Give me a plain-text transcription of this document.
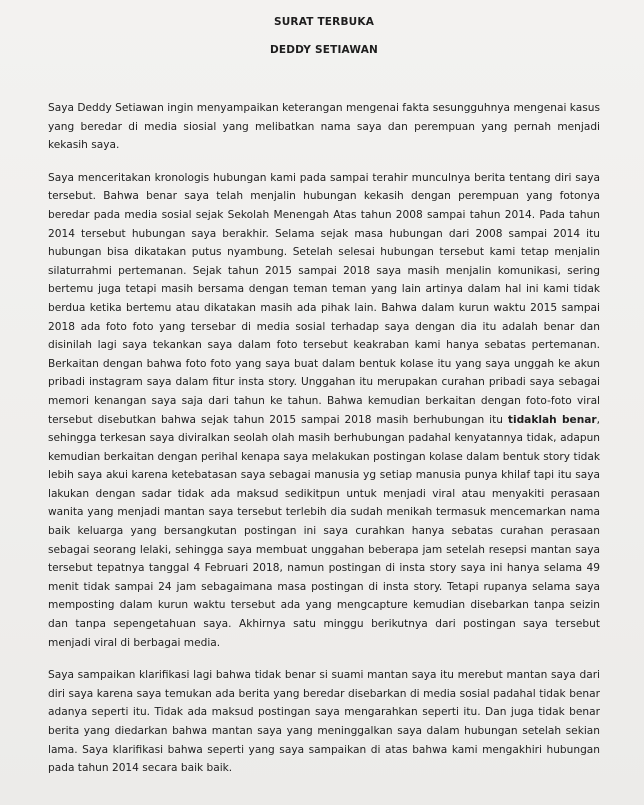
SURAT TERBUKA

DEDDY SETIAWAN

Saya Deddy Setiawan ingin menyampaikan keterangan mengenai fakta sesungguhnya mengenai kasus yang beredar di media siosial yang melibatkan nama saya dan perempuan yang pernah menjadi kekasih saya.

Saya menceritakan kronologis hubungan kami pada sampai terahir munculnya berita tentang diri saya tersebut. Bahwa benar saya telah menjalin hubungan kekasih dengan perempuan yang fotonya beredar pada media sosial sejak Sekolah Menengah Atas tahun 2008 sampai tahun 2014. Pada tahun 2014 tersebut hubungan saya berakhir. Selama sejak masa hubungan dari 2008 sampai 2014 itu hubungan bisa dikatakan putus nyambung. Setelah selesai hubungan tersebut kami tetap menjalin silaturrahmi pertemanan. Sejak tahun 2015 sampai 2018 saya masih menjalin komunikasi, sering bertemu juga tetapi masih bersama dengan teman teman yang lain artinya dalam hal ini kami tidak berdua ketika bertemu atau dikatakan masih ada pihak lain. Bahwa dalam kurun waktu 2015 sampai 2018 ada foto foto yang tersebar di media sosial terhadap saya dengan dia itu adalah benar dan disinilah lagi saya tekankan saya dalam foto tersebut keakraban kami hanya sebatas pertemanan. Berkaitan dengan bahwa foto foto yang saya buat dalam bentuk kolase itu yang saya unggah ke akun pribadi instagram saya dalam fitur insta story. Unggahan itu merupakan curahan pribadi saya sebagai memori kenangan saya saja dari tahun ke tahun. Bahwa kemudian berkaitan dengan foto-foto viral tersebut disebutkan bahwa sejak tahun 2015 sampai 2018 masih berhubungan itu tidaklah benar, sehingga terkesan saya diviralkan seolah olah masih berhubungan padahal kenyatannya tidak, adapun kemudian berkaitan dengan perihal kenapa saya melakukan postingan kolase dalam bentuk story tidak lebih saya akui karena ketebatasan saya sebagai manusia yg setiap manusia punya khilaf tapi itu saya lakukan dengan sadar tidak ada maksud sedikitpun untuk menjadi viral atau menyakiti perasaan wanita yang menjadi mantan saya tersebut terlebih dia sudah menikah termasuk mencemarkan nama baik keluarga yang bersangkutan postingan ini saya curahkan hanya sebatas curahan perasaan sebagai seorang lelaki, sehingga saya membuat unggahan beberapa jam setelah resepsi mantan saya tersebut tepatnya tanggal 4 Februari 2018, namun postingan di insta story saya ini hanya selama 49 menit tidak sampai 24 jam sebagaimana masa postingan di insta story. Tetapi rupanya selama saya memposting dalam kurun waktu tersebut ada yang mengcapture kemudian disebarkan tanpa seizin dan tanpa sepengetahuan saya. Akhirnya satu minggu berikutnya dari postingan saya tersebut menjadi viral di berbagai media.

Saya sampaikan klarifikasi lagi bahwa tidak benar si suami mantan saya itu merebut mantan saya dari diri saya karena saya temukan ada berita yang beredar disebarkan di media sosial padahal tidak benar adanya seperti itu. Tidak ada maksud postingan saya mengarahkan seperti itu. Dan juga tidak benar berita yang diedarkan bahwa mantan saya yang meninggalkan saya dalam hubungan setelah sekian lama. Saya klarifikasi bahwa seperti yang saya sampaikan di atas bahwa kami mengakhiri hubungan pada tahun 2014 secara baik baik.
